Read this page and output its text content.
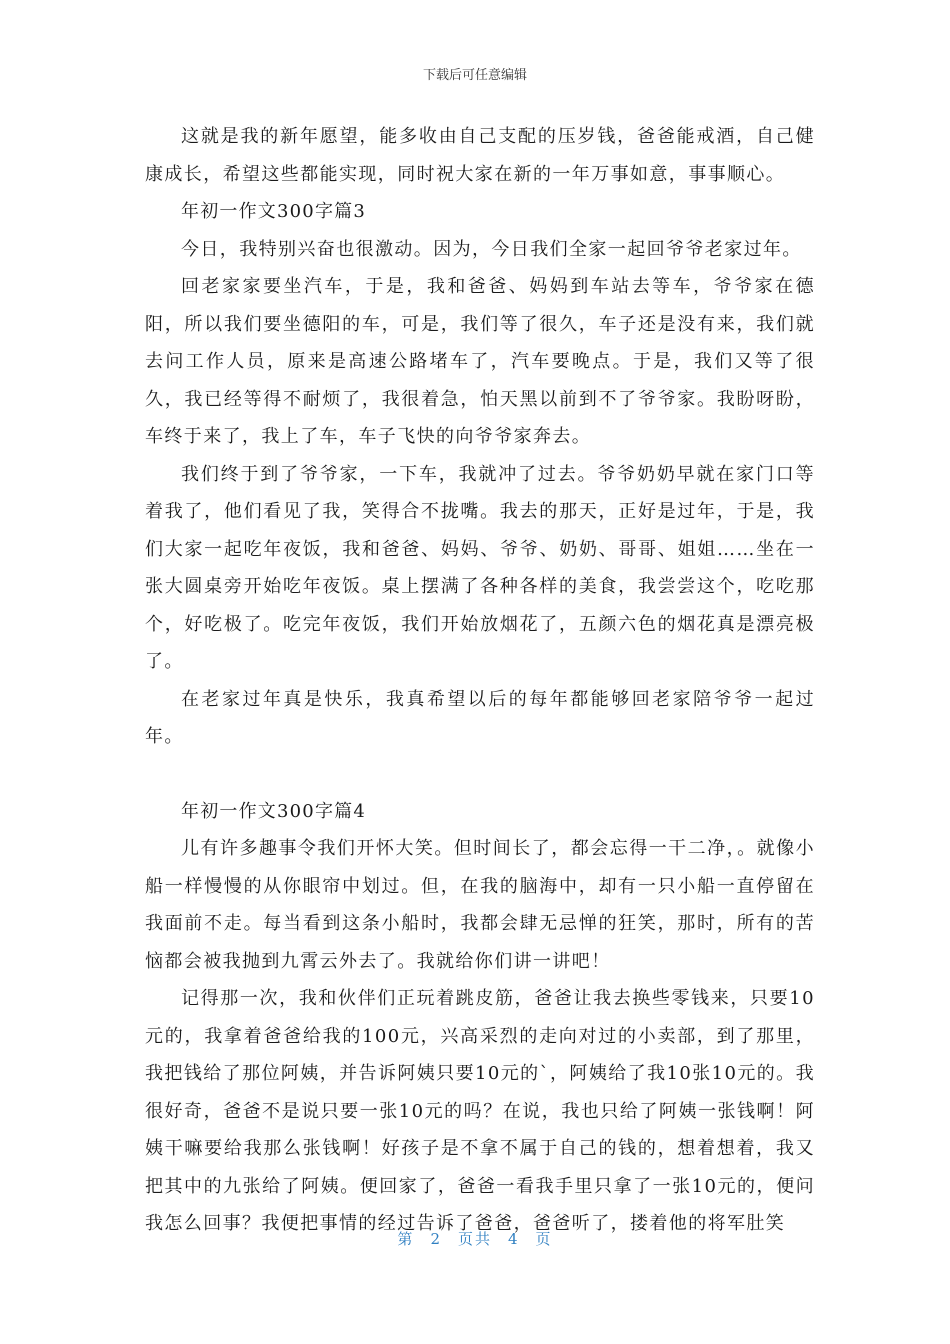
下载后可任意编辑

这就是我的新年愿望，能多收由自己支配的压岁钱，爸爸能戒酒，自己健康成长，希望这些都能实现，同时祝大家在新的一年万事如意，事事顺心。

年初一作文300字篇3

今日，我特别兴奋也很激动。因为，今日我们全家一起回爷爷老家过年。

回老家家要坐汽车，于是，我和爸爸、妈妈到车站去等车，爷爷家在德阳，所以我们要坐德阳的车，可是，我们等了很久，车子还是没有来，我们就去问工作人员，原来是高速公路堵车了，汽车要晚点。于是，我们又等了很久，我已经等得不耐烦了，我很着急，怕天黑以前到不了爷爷家。我盼呀盼，车终于来了，我上了车，车子飞快的向爷爷家奔去。

我们终于到了爷爷家，一下车，我就冲了过去。爷爷奶奶早就在家门口等着我了，他们看见了我，笑得合不拢嘴。我去的那天，正好是过年，于是，我们大家一起吃年夜饭，我和爸爸、妈妈、爷爷、奶奶、哥哥、姐姐……坐在一张大圆桌旁开始吃年夜饭。桌上摆满了各种各样的美食，我尝尝这个，吃吃那个，好吃极了。吃完年夜饭，我们开始放烟花了，五颜六色的烟花真是漂亮极了。

在老家过年真是快乐，我真希望以后的每年都能够回老家陪爷爷一起过年。

年初一作文300字篇4

儿有许多趣事令我们开怀大笑。但时间长了，都会忘得一干二净，。就像小船一样慢慢的从你眼帘中划过。但，在我的脑海中，却有一只小船一直停留在我面前不走。每当看到这条小船时，我都会肆无忌惮的狂笑，那时，所有的苦恼都会被我抛到九霄云外去了。我就给你们讲一讲吧！

记得那一次，我和伙伴们正玩着跳皮筋，爸爸让我去换些零钱来，只要10元的，我拿着爸爸给我的100元，兴高采烈的走向对过的小卖部，到了那里，我把钱给了那位阿姨，并告诉阿姨只要10元的`，阿姨给了我10张10元的。我很好奇，爸爸不是说只要一张10元的吗？在说，我也只给了阿姨一张钱啊！阿姨干嘛要给我那么张钱啊！好孩子是不拿不属于自己的钱的，想着想着，我又把其中的九张给了阿姨。便回家了，爸爸一看我手里只拿了一张10元的，便问我怎么回事？我便把事情的经过告诉了爸爸，爸爸听了，搂着他的将军肚笑

第 2 页共 4 页
